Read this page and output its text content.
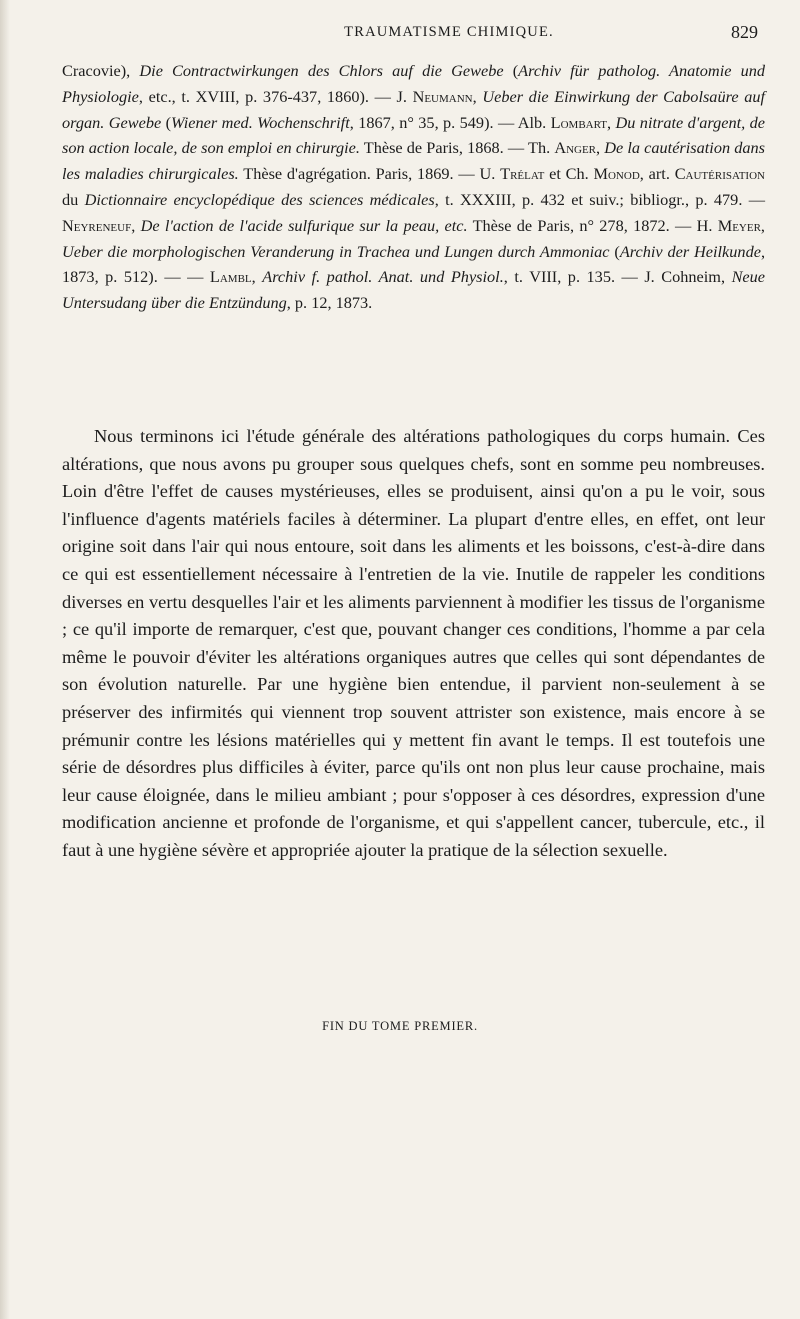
TRAUMATISME CHIMIQUE.	829
Cracovie), Die Contractwirkungen des Chlors auf die Gewebe (Archiv für patholog. Anatomie und Physiologie, etc., t. XVIII, p. 376-437, 1860). — J. Neumann, Ueber die Einwirkung der Cabolsaüre auf organ. Gewebe (Wiener med. Wochenschrift, 1867, n° 35, p. 549). — Alb. Lombart, Du nitrate d'argent, de son action locale, de son emploi en chirurgie. Thèse de Paris, 1868. — Th. Anger, De la cautérisation dans les maladies chirurgicales. Thèse d'agrégation. Paris, 1869. — U. Trélat et Ch. Monod, art. Cautérisation du Dictionnaire encyclopédique des sciences médicales, t. XXXIII, p. 432 et suiv.; bibliogr., p. 479. — Neyreneuf, De l'action de l'acide sulfurique sur la peau, etc. Thèse de Paris, n° 278, 1872. — H. Meyer, Ueber die morphologischen Veranderung in Trachea und Lungen durch Ammoniac (Archiv der Heilkunde, 1873, p. 512). — — Lambl, Archiv f. pathol. Anat. und Physiol., t. VIII, p. 135. — J. Cohneim, Neue Untersudang über die Entzündung, p. 12, 1873.
Nous terminons ici l'étude générale des altérations pathologiques du corps humain. Ces altérations, que nous avons pu grouper sous quelques chefs, sont en somme peu nombreuses. Loin d'être l'effet de causes mystérieuses, elles se produisent, ainsi qu'on a pu le voir, sous l'influence d'agents matériels faciles à déterminer. La plupart d'entre elles, en effet, ont leur origine soit dans l'air qui nous entoure, soit dans les aliments et les boissons, c'est-à-dire dans ce qui est essentiellement nécessaire à l'entretien de la vie. Inutile de rappeler les conditions diverses en vertu desquelles l'air et les aliments parviennent à modifier les tissus de l'organisme ; ce qu'il importe de remarquer, c'est que, pouvant changer ces conditions, l'homme a par cela même le pouvoir d'éviter les altérations organiques autres que celles qui sont dépendantes de son évolution naturelle. Par une hygiène bien entendue, il parvient non-seulement à se préserver des infirmités qui viennent trop souvent attrister son existence, mais encore à se prémunir contre les lésions matérielles qui y mettent fin avant le temps. Il est toutefois une série de désordres plus difficiles à éviter, parce qu'ils ont non plus leur cause prochaine, mais leur cause éloignée, dans le milieu ambiant ; pour s'opposer à ces désordres, expression d'une modification ancienne et profonde de l'organisme, et qui s'appellent cancer, tubercule, etc., il faut à une hygiène sévère et appropriée ajouter la pratique de la sélection sexuelle.
FIN DU TOME PREMIER.
